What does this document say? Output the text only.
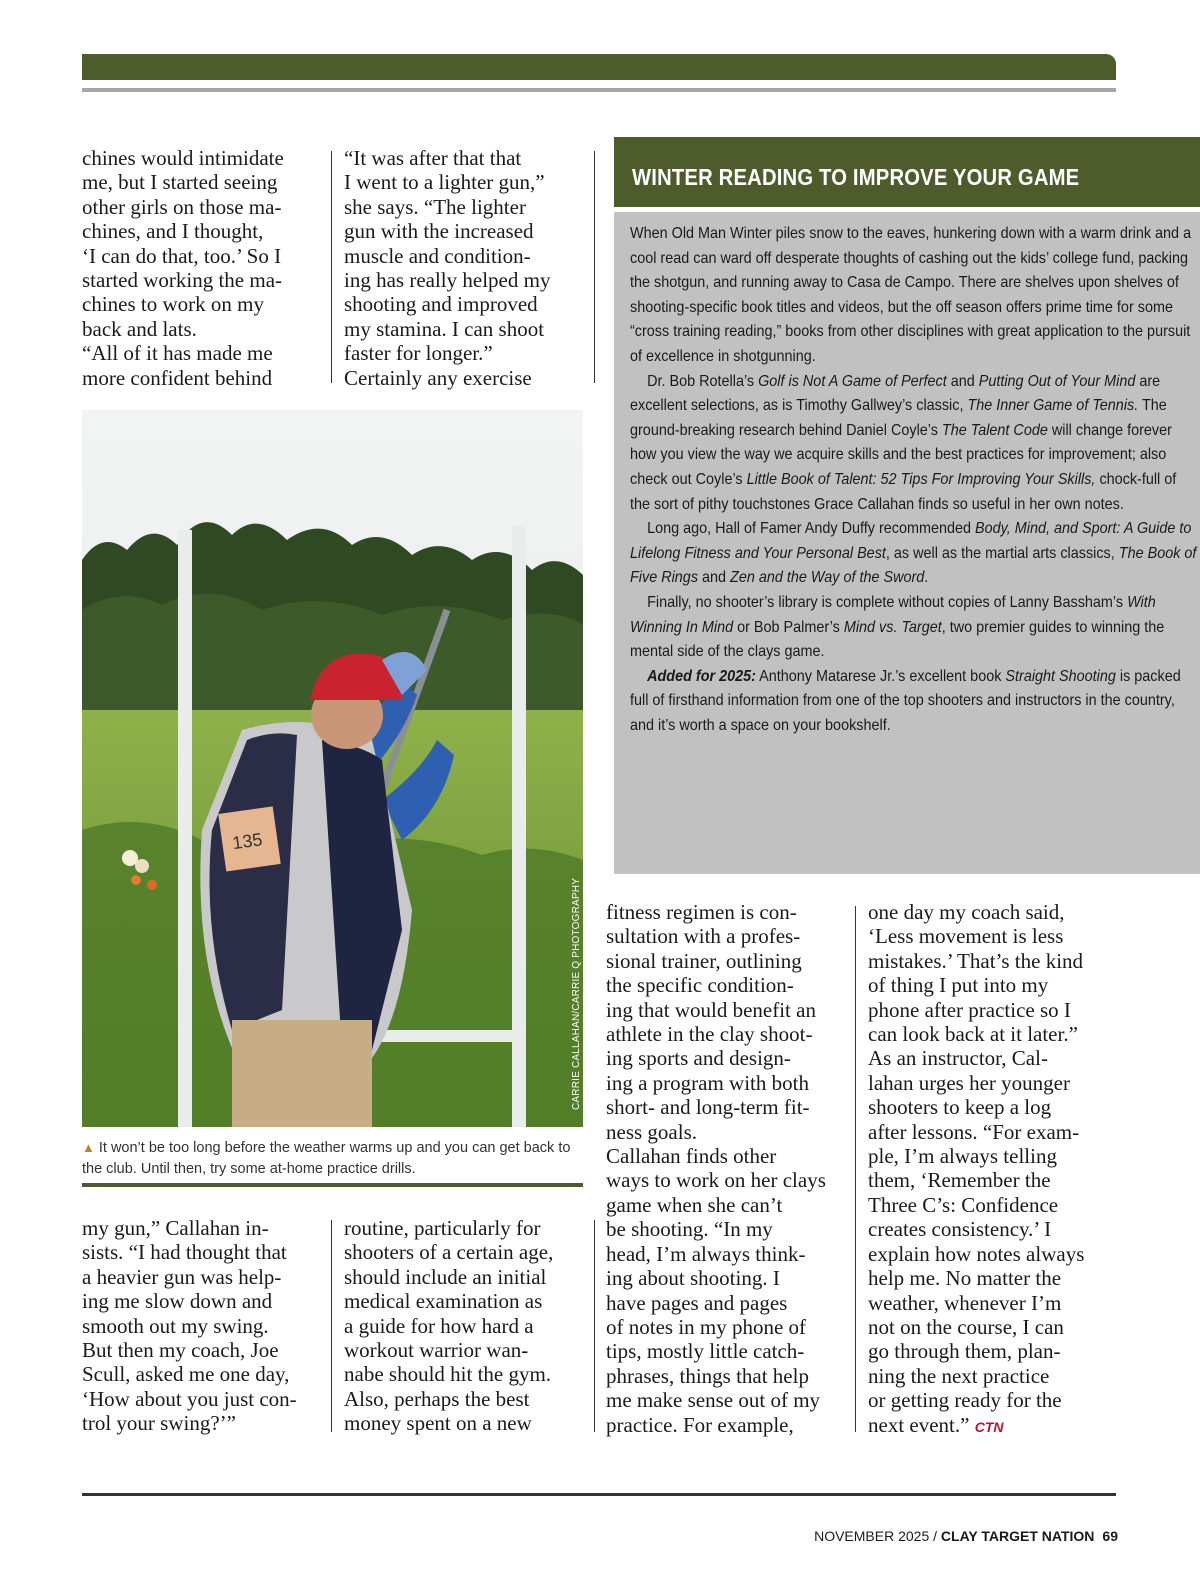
chines would intimidate
me, but I started seeing
other girls on those ma-
chines, and I thought,
‘I can do that, too.’ So I
started working the ma-
chines to work on my
back and lats.
“All of it has made me
more confident behind

“It was after that that
I went to a lighter gun,”
she says. “The lighter
gun with the increased
muscle and condition-
ing has really helped my
shooting and improved
my stamina. I can shoot
faster for longer.”
Certainly any exercise

135
CARRIE CALLAHAN/CARRIE Q PHOTOGRAPHY
▲ It won’t be too long before the weather warms up and you can get back to the club. Until then, try some at-home practice drills.

my gun,” Callahan in-
sists. “I had thought that
a heavier gun was help-
ing me slow down and
smooth out my swing.
But then my coach, Joe
Scull, asked me one day,
‘How about you just con-
trol your swing?’”

routine, particularly for
shooters of a certain age,
should include an initial
medical examination as
a guide for how hard a
workout warrior wan-
nabe should hit the gym.
Also, perhaps the best
money spent on a new

WINTER READING TO IMPROVE YOUR GAME

When Old Man Winter piles snow to the eaves, hunkering down with a warm drink and a cool read can ward off desperate thoughts of cashing out the kids’ college fund, packing the shotgun, and running away to Casa de Campo. There are shelves upon shelves of shooting-specific book titles and videos, but the off season offers prime time for some “cross training reading,” books from other disciplines with great application to the pursuit of excellence in shotgunning.

Dr. Bob Rotella’s Golf is Not A Game of Perfect and Putting Out of Your Mind are excellent selections, as is Timothy Gallwey’s classic, The Inner Game of Tennis. The ground-breaking research behind Daniel Coyle’s The Talent Code will change forever how you view the way we acquire skills and the best practices for improvement; also check out Coyle’s Little Book of Talent: 52 Tips For Improving Your Skills, chock-full of the sort of pithy touchstones Grace Callahan finds so useful in her own notes.

Long ago, Hall of Famer Andy Duffy recommended Body, Mind, and Sport: A Guide to Lifelong Fitness and Your Personal Best, as well as the martial arts classics, The Book of Five Rings and Zen and the Way of the Sword.

Finally, no shooter’s library is complete without copies of Lanny Bassham’s With Winning In Mind or Bob Palmer’s Mind vs. Target, two premier guides to winning the mental side of the clays game.

Added for 2025: Anthony Matarese Jr.’s excellent book Straight Shooting is packed full of firsthand information from one of the top shooters and instructors in the country, and it’s worth a space on your bookshelf.

fitness regimen is con-
sultation with a profes-
sional trainer, outlining
the specific condition-
ing that would benefit an
athlete in the clay shoot-
ing sports and design-
ing a program with both
short- and long-term fit-
ness goals.
Callahan finds other
ways to work on her clays
game when she can’t
be shooting. “In my
head, I’m always think-
ing about shooting. I
have pages and pages
of notes in my phone of
tips, mostly little catch-
phrases, things that help
me make sense out of my
practice. For example,

one day my coach said,
‘Less movement is less
mistakes.’ That’s the kind
of thing I put into my
phone after practice so I
can look back at it later.”
As an instructor, Cal-
lahan urges her younger
shooters to keep a log
after lessons. “For exam-
ple, I’m always telling
them, ‘Remember the
Three C’s: Confidence
creates consistency.’ I
explain how notes always
help me. No matter the
weather, whenever I’m
not on the course, I can
go through them, plan-
ning the next practice
or getting ready for the
next event.” CTN
NOVEMBER 2025 / CLAY TARGET NATION 69
